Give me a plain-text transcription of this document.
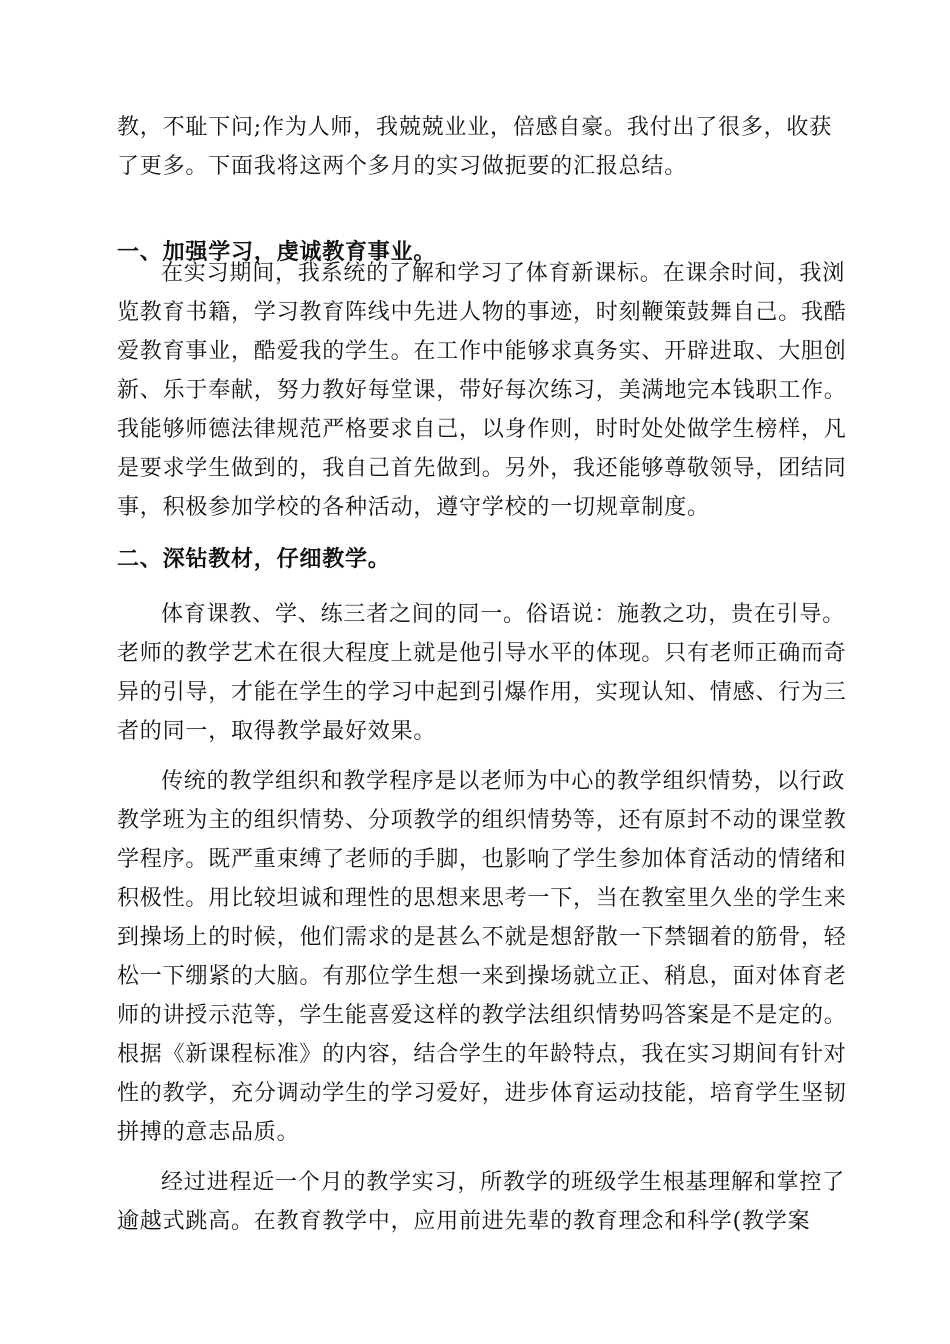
教，不耻下问;作为人师，我兢兢业业，倍感自豪。我付出了很多，收获
了更多。下面我将这两个多月的实习做扼要的汇报总结。
一、加强学习，虔诚教育事业。
在实习期间，我系统的了解和学习了体育新课标。在课余时间，我浏
览教育书籍，学习教育阵线中先进人物的事迹，时刻鞭策鼓舞自己。我酷
爱教育事业，酷爱我的学生。在工作中能够求真务实、开辟进取、大胆创
新、乐于奉献，努力教好每堂课，带好每次练习，美满地完本钱职工作。
我能够师德法律规范严格要求自己，以身作则，时时处处做学生榜样，凡
是要求学生做到的，我自己首先做到。另外，我还能够尊敬领导，团结同
事，积极参加学校的各种活动，遵守学校的一切规章制度。
二、深钻教材，仔细教学。
体育课教、学、练三者之间的同一。俗语说：施教之功，贵在引导。
老师的教学艺术在很大程度上就是他引导水平的体现。只有老师正确而奇
异的引导，才能在学生的学习中起到引爆作用，实现认知、情感、行为三
者的同一，取得教学最好效果。
传统的教学组织和教学程序是以老师为中心的教学组织情势，以行政
教学班为主的组织情势、分项教学的组织情势等，还有原封不动的课堂教
学程序。既严重束缚了老师的手脚，也影响了学生参加体育活动的情绪和
积极性。用比较坦诚和理性的思想来思考一下，当在教室里久坐的学生来
到操场上的时候，他们需求的是甚么不就是想舒散一下禁锢着的筋骨，轻
松一下绷紧的大脑。有那位学生想一来到操场就立正、稍息，面对体育老
师的讲授示范等，学生能喜爱这样的教学法组织情势吗答案是不是定的。
根据《新课程标准》的内容，结合学生的年龄特点，我在实习期间有针对
性的教学，充分调动学生的学习爱好，进步体育运动技能，培育学生坚韧
拼搏的意志品质。
经过进程近一个月的教学实习，所教学的班级学生根基理解和掌控了
逾越式跳高。在教育教学中，应用前进先辈的教育理念和科学(教学案
